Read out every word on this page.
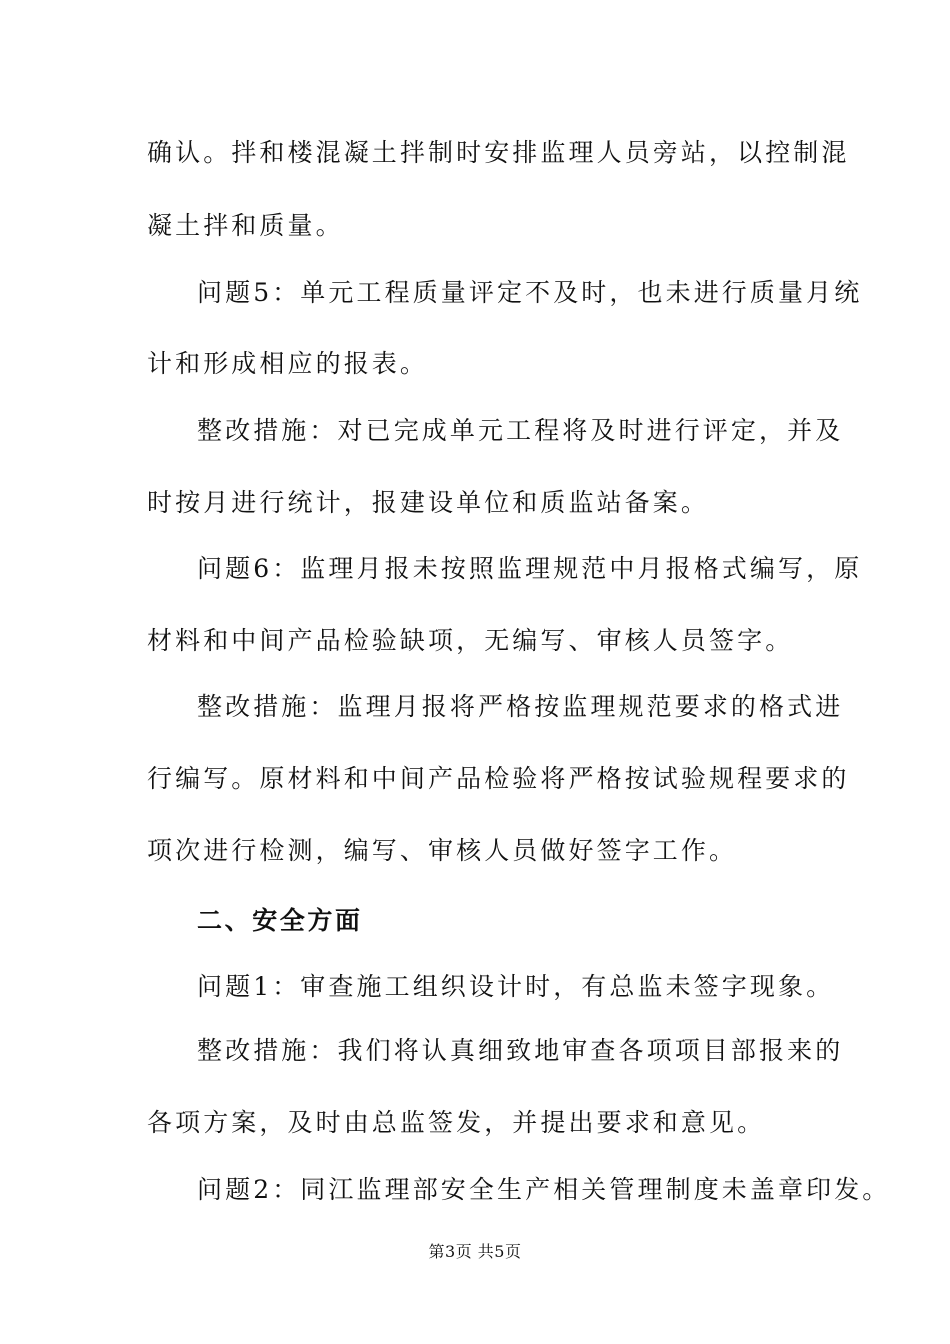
确认。拌和楼混凝土拌制时安排监理人员旁站，以控制混
凝土拌和质量。
问题5：单元工程质量评定不及时，也未进行质量月统
计和形成相应的报表。
整改措施：对已完成单元工程将及时进行评定，并及
时按月进行统计，报建设单位和质监站备案。
问题6：监理月报未按照监理规范中月报格式编写，原
材料和中间产品检验缺项，无编写、审核人员签字。
整改措施：监理月报将严格按监理规范要求的格式进
行编写。原材料和中间产品检验将严格按试验规程要求的
项次进行检测，编写、审核人员做好签字工作。
二、安全方面
问题1：审查施工组织设计时，有总监未签字现象。
整改措施：我们将认真细致地审查各项项目部报来的
各项方案，及时由总监签发，并提出要求和意见。
问题2：同江监理部安全生产相关管理制度未盖章印发。
第3页 共5页
